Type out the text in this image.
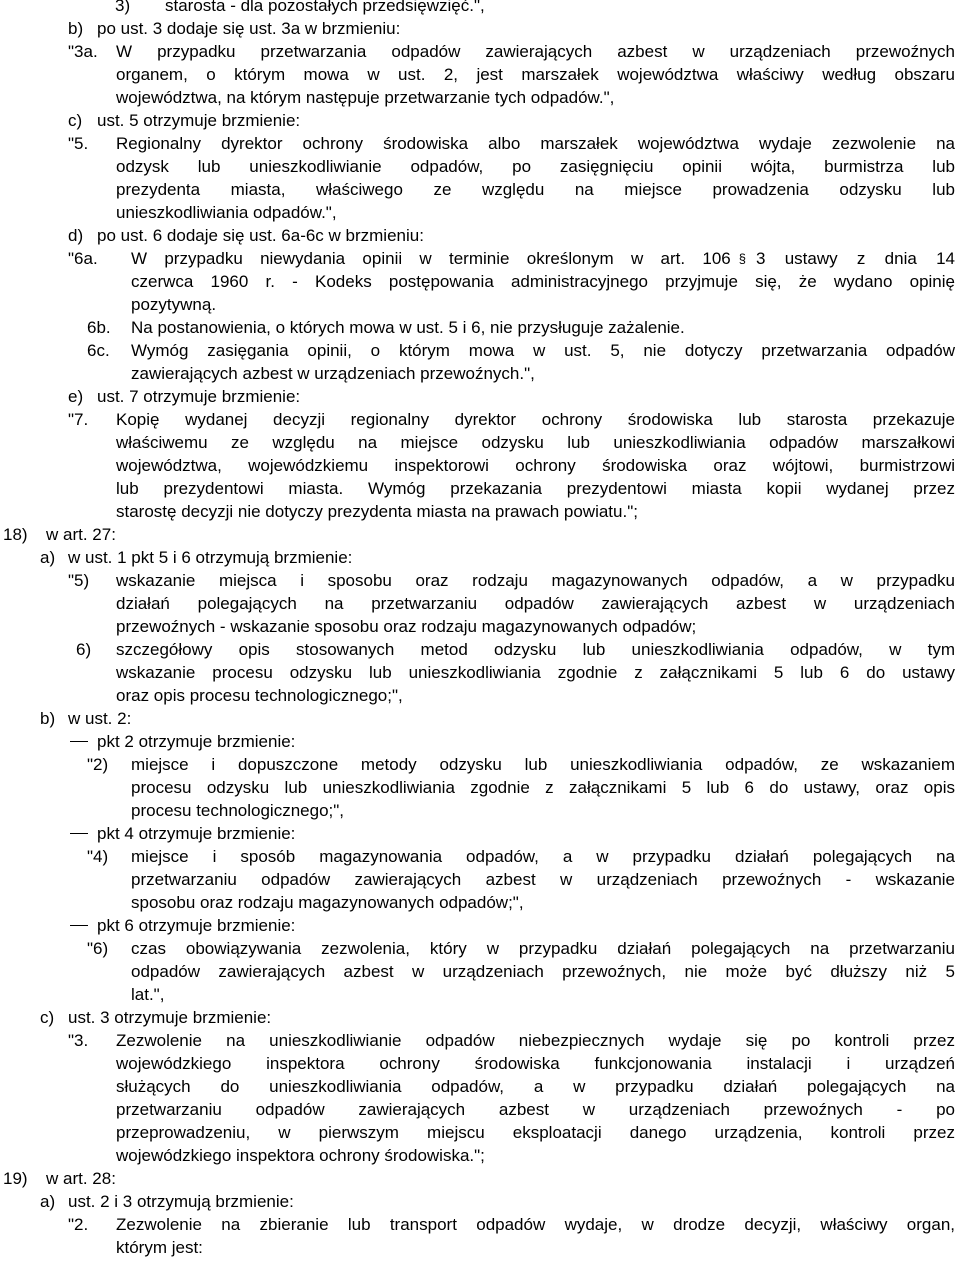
3) starosta - dla pozostałych przedsięwzięć.",
b) po ust. 3 dodaje się ust. 3a w brzmieniu:
"3a. W przypadku przetwarzania odpadów zawierających azbest w urządzeniach przewoźnych
organem, o którym mowa w ust. 2, jest marszałek województwa właściwy według obszaru
województwa, na którym następuje przetwarzanie tych odpadów.",
c) ust. 5 otrzymuje brzmienie:
"5. Regionalny dyrektor ochrony środowiska albo marszałek województwa wydaje zezwolenie na
odzysk lub unieszkodliwianie odpadów, po zasięgnięciu opinii wójta, burmistrza lub
prezydenta miasta, właściwego ze względu na miejsce prowadzenia odzysku lub
unieszkodliwiania odpadów.",
d) po ust. 6 dodaje się ust. 6a-6c w brzmieniu:
"6a. W przypadku niewydania opinii w terminie określonym w art. 106 § 3 ustawy z dnia 14
czerwca 1960 r. - Kodeks postępowania administracyjnego przyjmuje się, że wydano opinię
pozytywną.
6b. Na postanowienia, o których mowa w ust. 5 i 6, nie przysługuje zażalenie.
6c. Wymóg zasięgania opinii, o którym mowa w ust. 5, nie dotyczy przetwarzania odpadów
zawierających azbest w urządzeniach przewoźnych.",
e) ust. 7 otrzymuje brzmienie:
"7. Kopię wydanej decyzji regionalny dyrektor ochrony środowiska lub starosta przekazuje
właściwemu ze względu na miejsce odzysku lub unieszkodliwiania odpadów marszałkowi
województwa, wojewódzkiemu inspektorowi ochrony środowiska oraz wójtowi, burmistrzowi
lub prezydentowi miasta. Wymóg przekazania prezydentowi miasta kopii wydanej przez
starostę decyzji nie dotyczy prezydenta miasta na prawach powiatu.";
18) w art. 27:
a) w ust. 1 pkt 5 i 6 otrzymują brzmienie:
"5) wskazanie miejsca i sposobu oraz rodzaju magazynowanych odpadów, a w przypadku
działań polegających na przetwarzaniu odpadów zawierających azbest w urządzeniach
przewoźnych - wskazanie sposobu oraz rodzaju magazynowanych odpadów;
6) szczegółowy opis stosowanych metod odzysku lub unieszkodliwiania odpadów, w tym
wskazanie procesu odzysku lub unieszkodliwiania zgodnie z załącznikami 5 lub 6 do ustawy
oraz opis procesu technologicznego;",
b) w ust. 2:
pkt 2 otrzymuje brzmienie:
"2) miejsce i dopuszczone metody odzysku lub unieszkodliwiania odpadów, ze wskazaniem
procesu odzysku lub unieszkodliwiania zgodnie z załącznikami 5 lub 6 do ustawy, oraz opis
procesu technologicznego;",
pkt 4 otrzymuje brzmienie:
"4) miejsce i sposób magazynowania odpadów, a w przypadku działań polegających na
przetwarzaniu odpadów zawierających azbest w urządzeniach przewoźnych - wskazanie
sposobu oraz rodzaju magazynowanych odpadów;",
pkt 6 otrzymuje brzmienie:
"6) czas obowiązywania zezwolenia, który w przypadku działań polegających na przetwarzaniu
odpadów zawierających azbest w urządzeniach przewoźnych, nie może być dłuższy niż 5
lat.",
c) ust. 3 otrzymuje brzmienie:
"3. Zezwolenie na unieszkodliwianie odpadów niebezpiecznych wydaje się po kontroli przez
wojewódzkiego inspektora ochrony środowiska funkcjonowania instalacji i urządzeń
służących do unieszkodliwiania odpadów, a w przypadku działań polegających na
przetwarzaniu odpadów zawierających azbest w urządzeniach przewoźnych - po
przeprowadzeniu, w pierwszym miejscu eksploatacji danego urządzenia, kontroli przez
wojewódzkiego inspektora ochrony środowiska.";
19) w art. 28:
a) ust. 2 i 3 otrzymują brzmienie:
"2. Zezwolenie na zbieranie lub transport odpadów wydaje, w drodze decyzji, właściwy organ,
którym jest:
